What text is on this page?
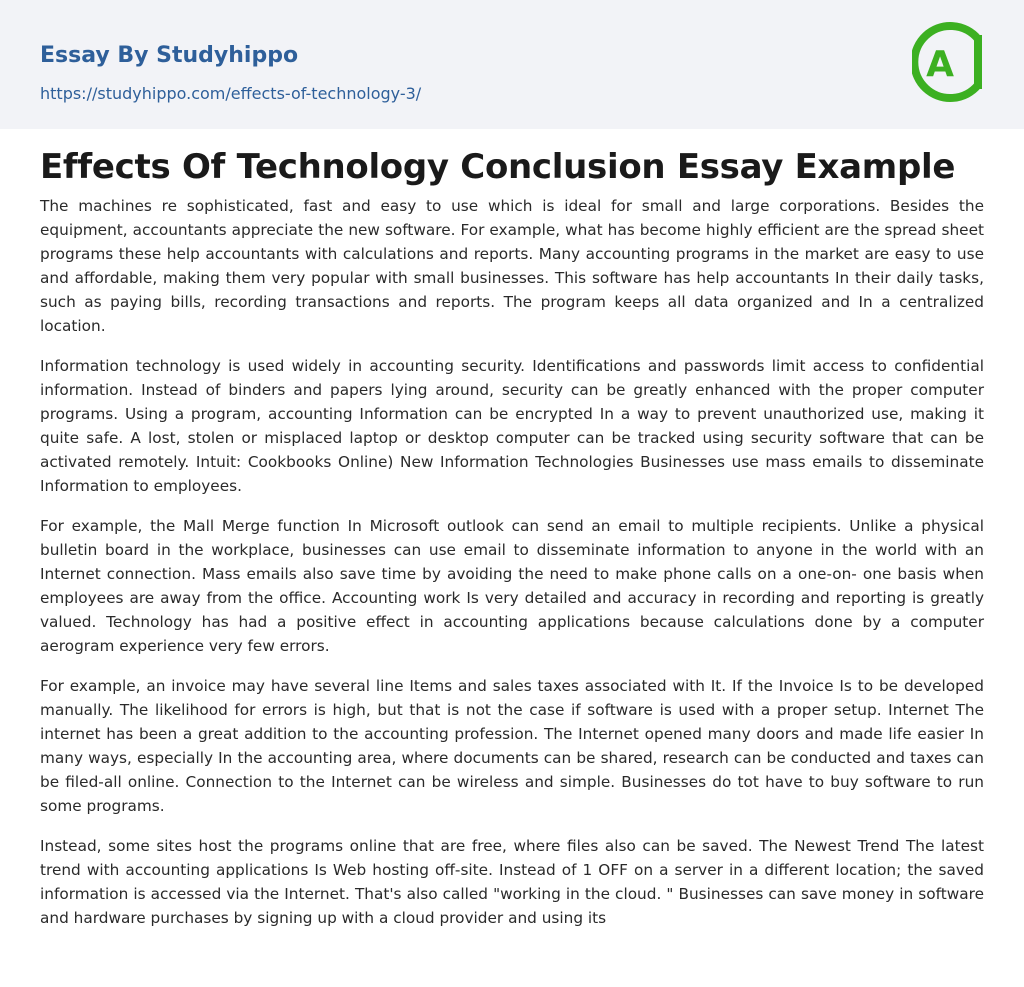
Essay By Studyhippo
https://studyhippo.com/effects-of-technology-3/
A
Effects Of Technology Conclusion Essay Example

The machines re sophisticated, fast and easy to use which is ideal for small and large corporations. Besides the equipment, accountants appreciate the new software. For example, what has become highly efficient are the spread sheet programs these help accountants with calculations and reports. Many accounting programs in the market are easy to use and affordable, making them very popular with small businesses. This software has help accountants In their daily tasks, such as paying bills, recording transactions and reports. The program keeps all data organized and In a centralized location.

Information technology is used widely in accounting security. Identifications and passwords limit access to confidential information. Instead of binders and papers lying around, security can be greatly enhanced with the proper computer programs. Using a program, accounting Information can be encrypted In a way to prevent unauthorized use, making it quite safe. A lost, stolen or misplaced laptop or desktop computer can be tracked using security software that can be activated remotely. Intuit: Cookbooks Online) New Information Technologies Businesses use mass emails to disseminate Information to employees.

For example, the Mall Merge function In Microsoft outlook can send an email to multiple recipients. Unlike a physical bulletin board in the workplace, businesses can use email to disseminate information to anyone in the world with an Internet connection. Mass emails also save time by avoiding the need to make phone calls on a one-on- one basis when employees are away from the office. Accounting work Is very detailed and accuracy in recording and reporting is greatly valued. Technology has had a positive effect in accounting applications because calculations done by a computer aerogram experience very few errors.

For example, an invoice may have several line Items and sales taxes associated with It. If the Invoice Is to be developed manually. The likelihood for errors is high, but that is not the case if software is used with a proper setup. Internet The internet has been a great addition to the accounting profession. The Internet opened many doors and made life easier In many ways, especially In the accounting area, where documents can be shared, research can be conducted and taxes can be filed-all online. Connection to the Internet can be wireless and simple. Businesses do tot have to buy software to run some programs.

Instead, some sites host the programs online that are free, where files also can be saved. The Newest Trend The latest trend with accounting applications Is Web hosting off-site. Instead of 1 OFF on a server in a different location; the saved information is accessed via the Internet. That's also called "working in the cloud. " Businesses can save money in software and hardware purchases by signing up with a cloud provider and using its
